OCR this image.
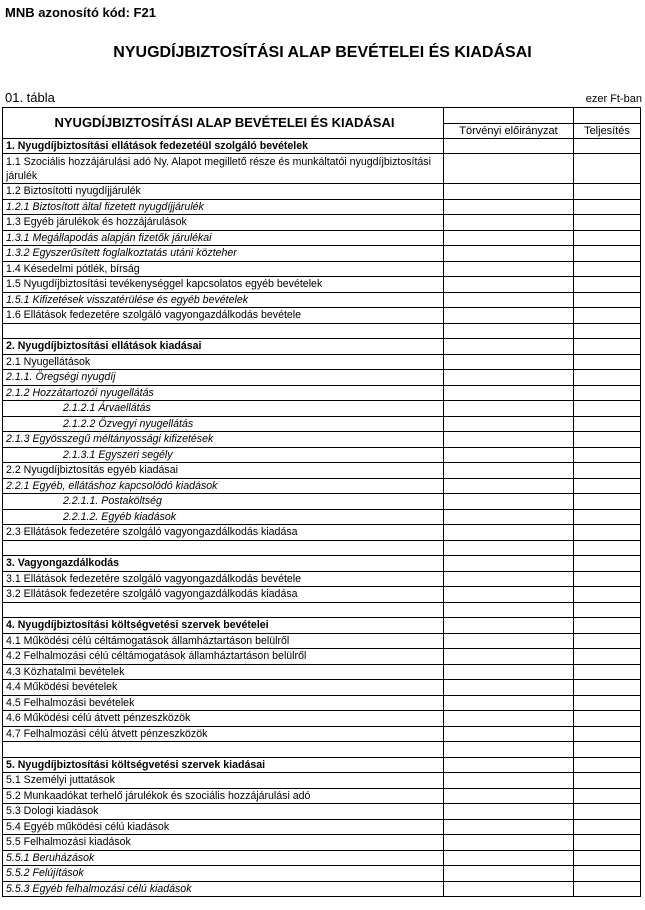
MNB azonosító kód: F21
NYUGDÍJBIZTOSÍTÁSI ALAP BEVÉTELEI ÉS KIADÁSAI
01. tábla	ezer Ft-ban
NYUGDÍJBIZTOSÍTÁSI ALAP BEVÉTELEI ÉS KIADÁSAI		
	Törvényi előirányzat	Teljesítés
1. Nyugdíjbiztosítási ellátások fedezetéül szolgáló bevételek		
1.1 Szociális hozzájárulási adó Ny. Alapot megillető része és munkáltatói nyugdíjbiztosítási járulék		
1.2 Biztosítotti nyugdíjjárulék		
1.2.1 Biztosított által fizetett nyugdíjjárulék		
1.3 Egyéb járulékok és hozzájárulások		
1.3.1 Megállapodás alapján fizetők járulékai		
1.3.2 Egyszerűsített foglalkoztatás utáni közteher		
1.4 Késedelmi pótlék, bírság		
1.5 Nyugdíjbiztosítási tevékenységgel kapcsolatos egyéb bevételek		
1.5.1 Kifizetések visszatérülése és egyéb bevételek		
1.6 Ellátások fedezetére szolgáló vagyongazdálkodás bevétele		

2. Nyugdíjbiztosítási ellátások kiadásai		
2.1 Nyugellátások		
2.1.1. Öregségi nyugdíj		
2.1.2 Hozzátartozói nyugellátás		
2.1.2.1 Árvaellátás		
2.1.2.2 Özvegyi nyugellátás		
2.1.3 Egyösszegű méltányossági kifizetések		
2.1.3.1 Egyszeri segély		
2.2 Nyugdíjbiztosítás egyéb kiadásai		
2.2.1 Egyéb, ellátáshoz kapcsolódó kiadások		
2.2.1.1. Postaköltség		
2.2.1.2. Egyéb kiadások		
2.3 Ellátások fedezetére szolgáló vagyongazdálkodás kiadása		

3. Vagyongazdálkodás		
3.1 Ellátások fedezetére szolgáló vagyongazdálkodás bevétele		
3.2 Ellátások fedezetére szolgáló vagyongazdálkodás kiadása		

4. Nyugdíjbiztosítási költségvetési szervek bevételei		
4.1 Működési célú céltámogatások államháztartáson belülről		
4.2 Felhalmozási célú céltámogatások államháztartáson belülről		
4.3 Közhatalmi bevételek		
4.4 Működési bevételek		
4.5 Felhalmozási bevételek		
4.6 Működési célú átvett pénzeszközök		
4.7 Felhalmozási célú átvett pénzeszközök		

5. Nyugdíjbiztosítási költségvetési szervek kiadásai		
5.1 Személyi juttatások		
5.2 Munkaadókat terhelő járulékok és szociális hozzájárulási adó		
5.3 Dologi kiadások		
5.4 Egyéb működési célú kiadások		
5.5 Felhalmozási kiadások		
5.5.1 Beruházások		
5.5.2 Felújítások		
5.5.3 Egyéb felhalmozási célú kiadások		
